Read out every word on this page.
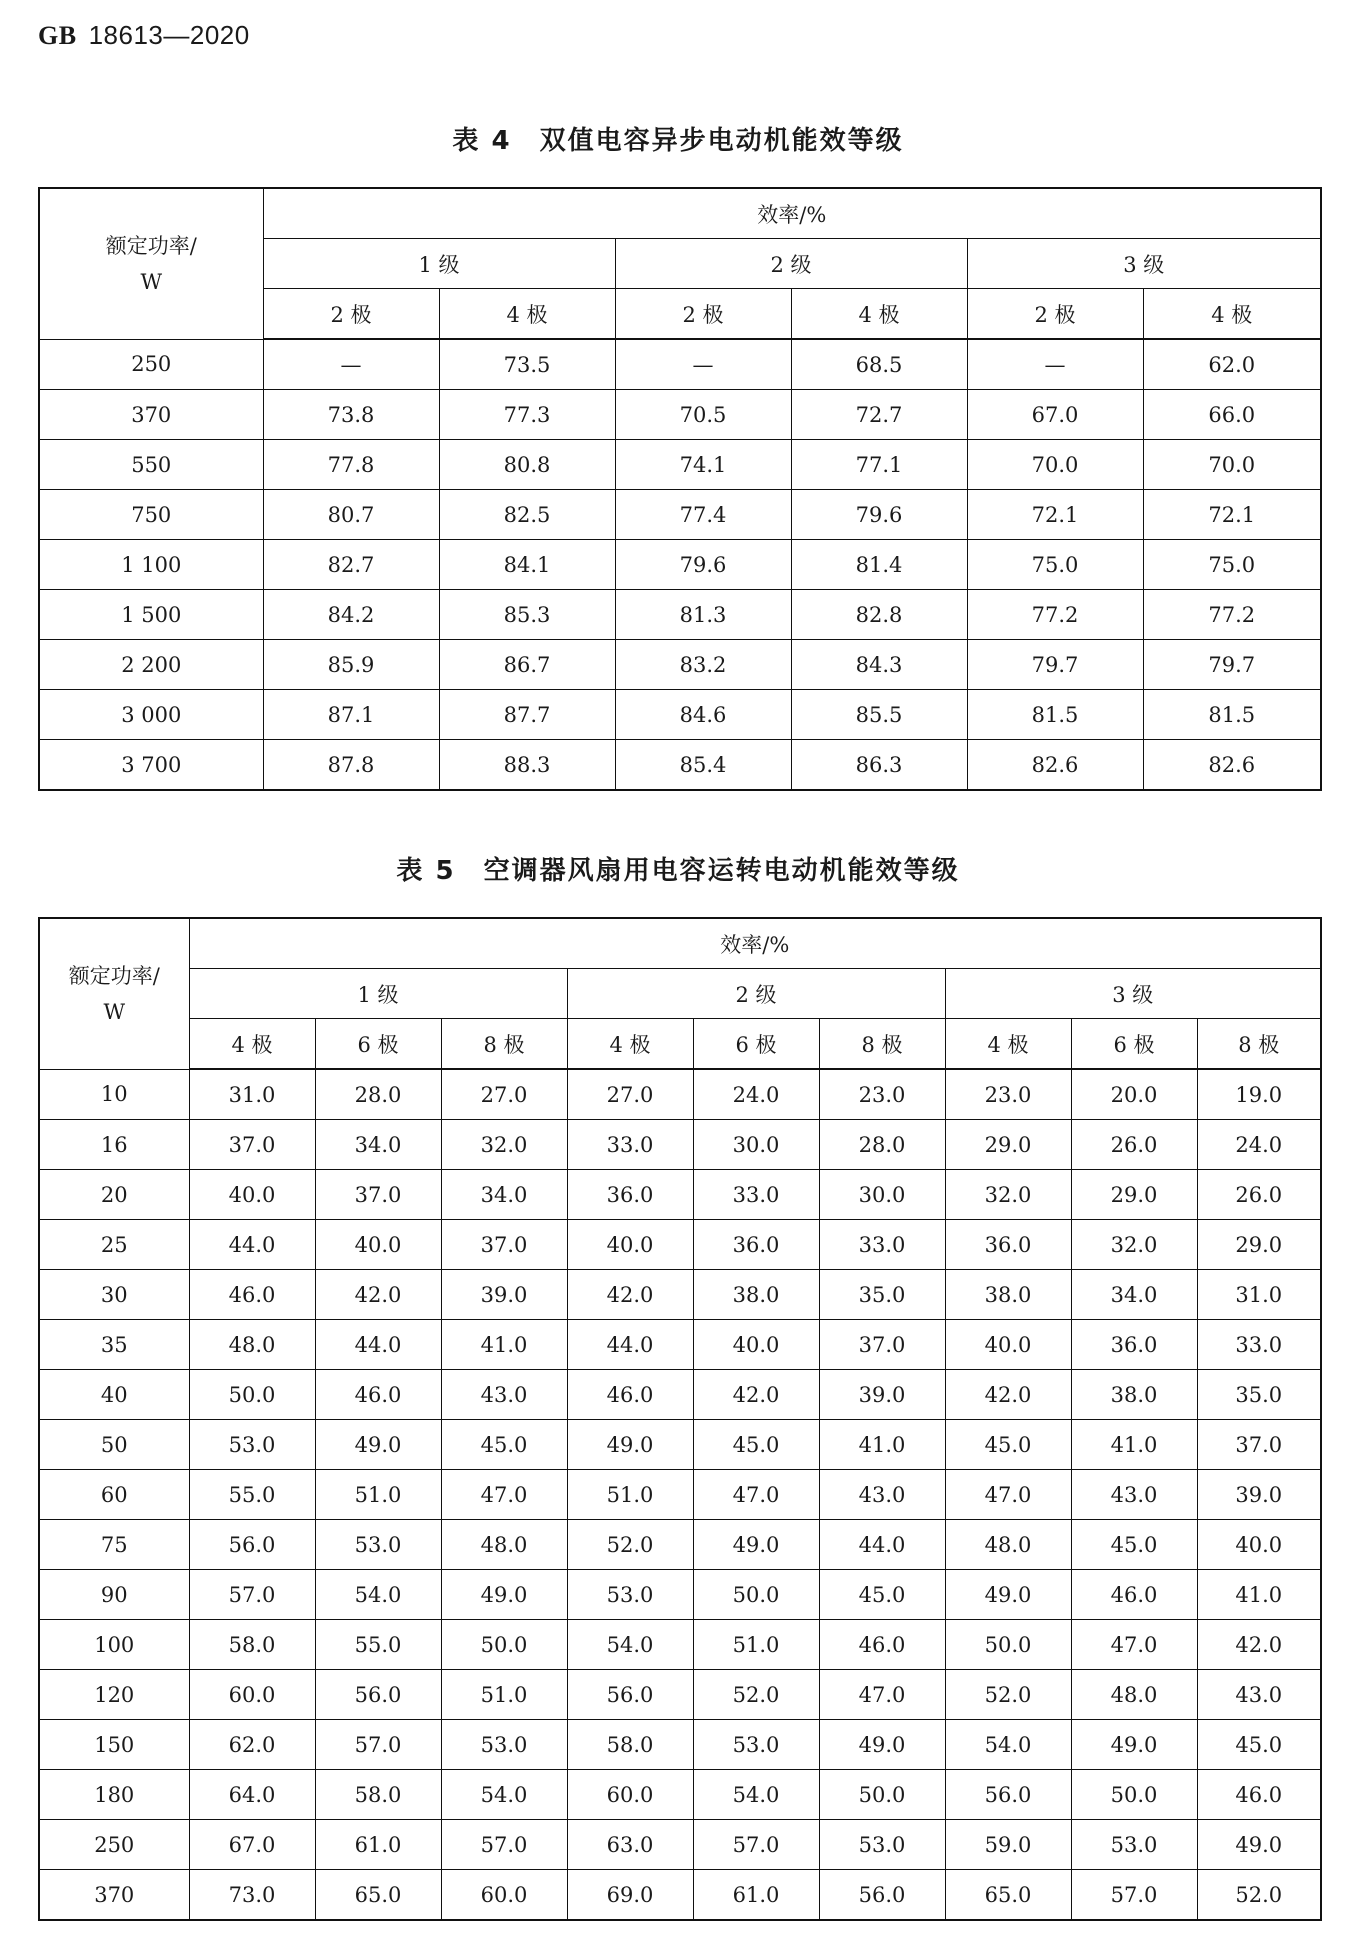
GB 18613—2020
表 4 双值电容异步电动机能效等级
额定功率/
W	效率/%					
	1 级		2 级		3 级	
	2 极	4 极	2 极	4 极	2 极	4 极
250	—	73.5	—	68.5	—	62.0
370	73.8	77.3	70.5	72.7	67.0	66.0
550	77.8	80.8	74.1	77.1	70.0	70.0
750	80.7	82.5	77.4	79.6	72.1	72.1
1 100	82.7	84.1	79.6	81.4	75.0	75.0
1 500	84.2	85.3	81.3	82.8	77.2	77.2
2 200	85.9	86.7	83.2	84.3	79.7	79.7
3 000	87.1	87.7	84.6	85.5	81.5	81.5
3 700	87.8	88.3	85.4	86.3	82.6	82.6
表 5 空调器风扇用电容运转电动机能效等级
额定功率/
W	效率/%								
	1 级			2 级			3 级		
	4 极	6 极	8 极	4 极	6 极	8 极	4 极	6 极	8 极
10	31.0	28.0	27.0	27.0	24.0	23.0	23.0	20.0	19.0
16	37.0	34.0	32.0	33.0	30.0	28.0	29.0	26.0	24.0
20	40.0	37.0	34.0	36.0	33.0	30.0	32.0	29.0	26.0
25	44.0	40.0	37.0	40.0	36.0	33.0	36.0	32.0	29.0
30	46.0	42.0	39.0	42.0	38.0	35.0	38.0	34.0	31.0
35	48.0	44.0	41.0	44.0	40.0	37.0	40.0	36.0	33.0
40	50.0	46.0	43.0	46.0	42.0	39.0	42.0	38.0	35.0
50	53.0	49.0	45.0	49.0	45.0	41.0	45.0	41.0	37.0
60	55.0	51.0	47.0	51.0	47.0	43.0	47.0	43.0	39.0
75	56.0	53.0	48.0	52.0	49.0	44.0	48.0	45.0	40.0
90	57.0	54.0	49.0	53.0	50.0	45.0	49.0	46.0	41.0
100	58.0	55.0	50.0	54.0	51.0	46.0	50.0	47.0	42.0
120	60.0	56.0	51.0	56.0	52.0	47.0	52.0	48.0	43.0
150	62.0	57.0	53.0	58.0	53.0	49.0	54.0	49.0	45.0
180	64.0	58.0	54.0	60.0	54.0	50.0	56.0	50.0	46.0
250	67.0	61.0	57.0	63.0	57.0	53.0	59.0	53.0	49.0
370	73.0	65.0	60.0	69.0	61.0	56.0	65.0	57.0	52.0
